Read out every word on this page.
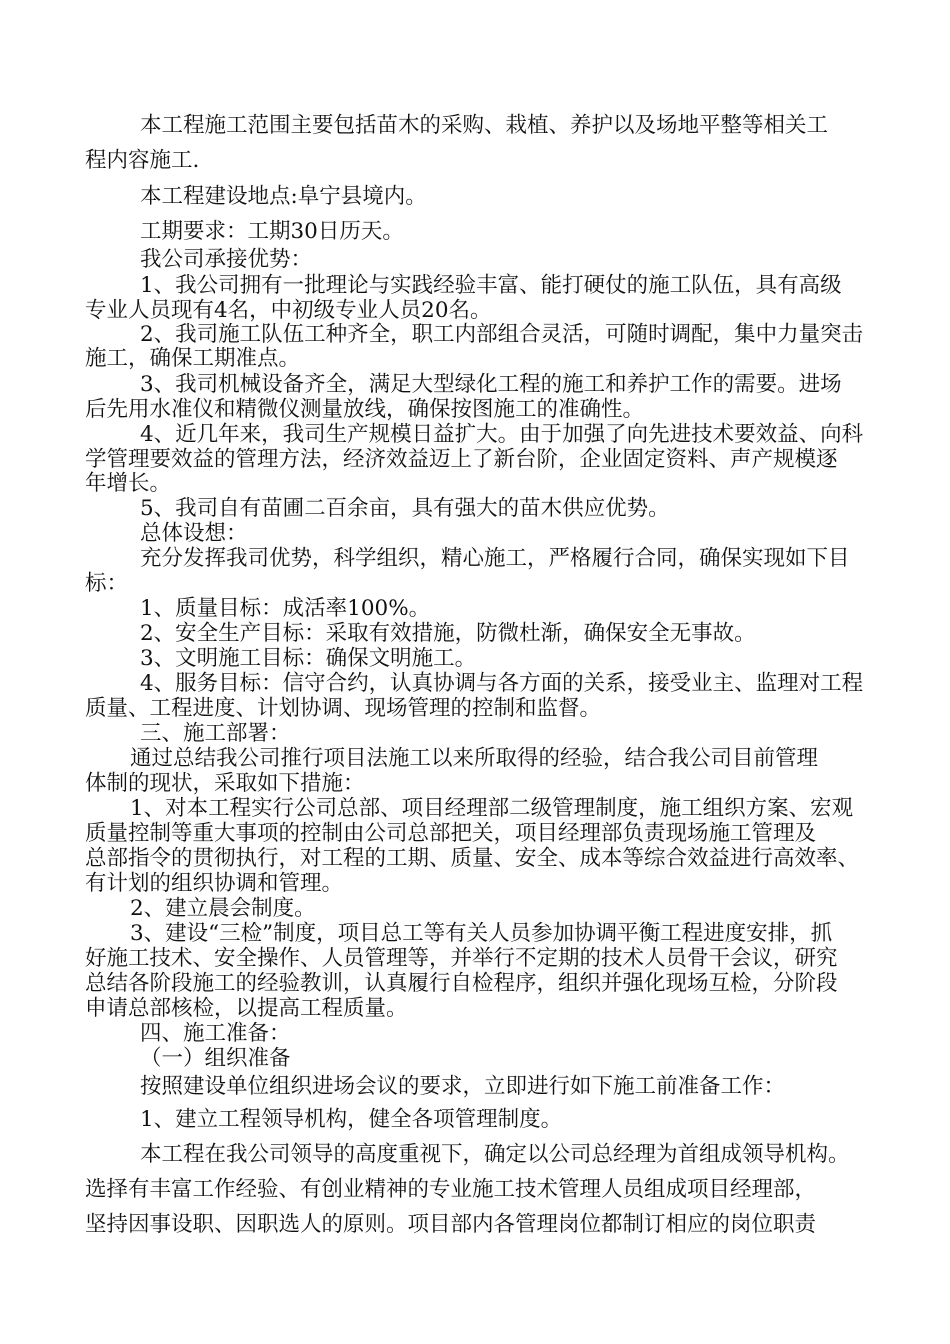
本工程施工范围主要包括苗木的采购、栽植、养护以及场地平整等相关工
程内容施工.
本工程建设地点:阜宁县境内。
工期要求：工期30日历天。
我公司承接优势：
1、我公司拥有一批理论与实践经验丰富、能打硬仗的施工队伍，具有高级
专业人员现有4名，中初级专业人员20名。
2、我司施工队伍工种齐全，职工内部组合灵活，可随时调配，集中力量突击
施工，确保工期准点。
3、我司机械设备齐全，满足大型绿化工程的施工和养护工作的需要。进场
后先用水准仪和精微仪测量放线，确保按图施工的准确性。
4、近几年来，我司生产规模日益扩大。由于加强了向先进技术要效益、向科
学管理要效益的管理方法，经济效益迈上了新台阶，企业固定资料、声产规模逐
年增长。
5、我司自有苗圃二百余亩，具有强大的苗木供应优势。
总体设想：
充分发挥我司优势，科学组织，精心施工，严格履行合同，确保实现如下目
标：
1、质量目标：成活率100%。
2、安全生产目标：采取有效措施，防微杜渐，确保安全无事故。
3、文明施工目标：确保文明施工。
4、服务目标：信守合约，认真协调与各方面的关系，接受业主、监理对工程
质量、工程进度、计划协调、现场管理的控制和监督。
三、施工部署：
通过总结我公司推行项目法施工以来所取得的经验，结合我公司目前管理
体制的现状，采取如下措施：
1、对本工程实行公司总部、项目经理部二级管理制度，施工组织方案、宏观
质量控制等重大事项的控制由公司总部把关，项目经理部负责现场施工管理及
总部指令的贯彻执行，对工程的工期、质量、安全、成本等综合效益进行高效率、
有计划的组织协调和管理。
2、建立晨会制度。
3、建设“三检”制度，项目总工等有关人员参加协调平衡工程进度安排，抓
好施工技术、安全操作、人员管理等，并举行不定期的技术人员骨干会议，研究
总结各阶段施工的经验教训，认真履行自检程序，组织并强化现场互检，分阶段
申请总部核检，以提高工程质量。
四、施工准备：
（一）组织准备
按照建设单位组织进场会议的要求，立即进行如下施工前准备工作：
1、建立工程领导机构，健全各项管理制度。
本工程在我公司领导的高度重视下，确定以公司总经理为首组成领导机构。
选择有丰富工作经验、有创业精神的专业施工技术管理人员组成项目经理部，
坚持因事设职、因职选人的原则。项目部内各管理岗位都制订相应的岗位职责
